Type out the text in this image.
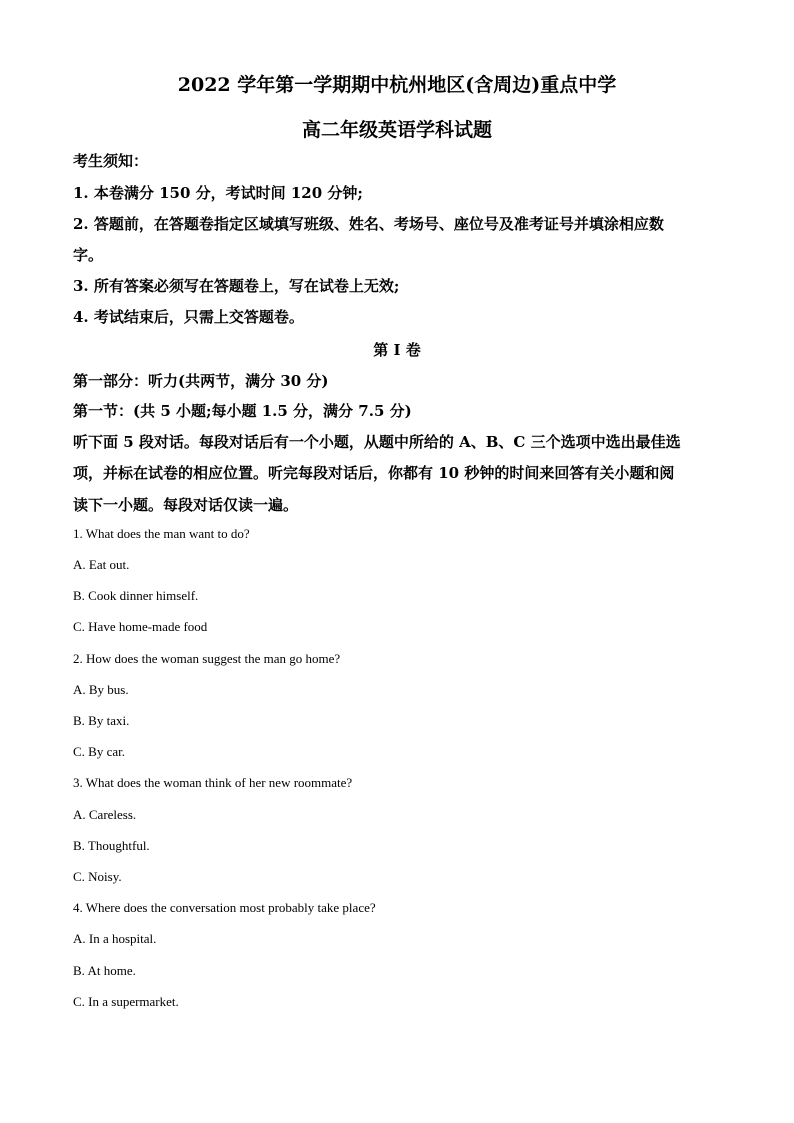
2022 学年第一学期期中杭州地区(含周边)重点中学
高二年级英语学科试题

考生须知：

1. 本卷满分 150 分，考试时间 120 分钟;

2. 答题前，在答题卷指定区域填写班级、姓名、考场号、座位号及准考证号并填涂相应数

字。

3. 所有答案必须写在答题卷上，写在试卷上无效;

4. 考试结束后，只需上交答题卷。

第 I 卷

第一部分：听力(共两节，满分 30 分)

第一节：(共 5 小题;每小题 1.5 分，满分 7.5 分)

听下面 5 段对话。每段对话后有一个小题，从题中所给的 A、B、C 三个选项中选出最佳选

项，并标在试卷的相应位置。听完每段对话后，你都有 10 秒钟的时间来回答有关小题和阅

读下一小题。每段对话仅读一遍。

1. What does the man want to do?

A. Eat out.

B. Cook dinner himself.

C. Have home-made food

2. How does the woman suggest the man go home?

A. By bus.

B. By taxi.

C. By car.

3. What does the woman think of her new roommate?

A. Careless.

B. Thoughtful.

C. Noisy.

4. Where does the conversation most probably take place?

A. In a hospital.

B. At home.

C. In a supermarket.
